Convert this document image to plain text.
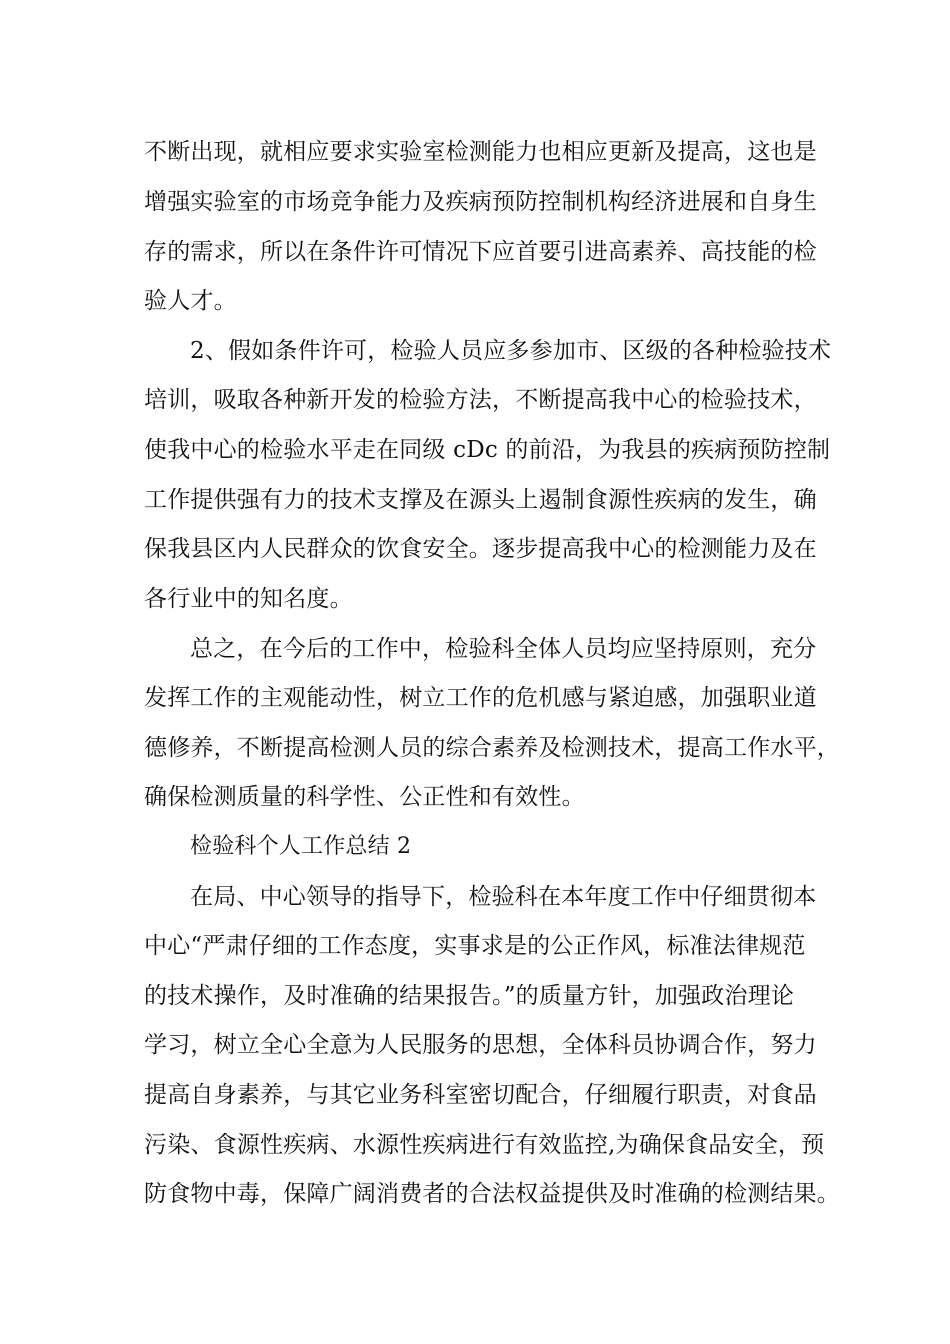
不断出现，就相应要求实验室检测能力也相应更新及提高，这也是
增强实验室的市场竞争能力及疾病预防控制机构经济进展和自身生
存的需求，所以在条件许可情况下应首要引进高素养、高技能的检
验人才。
2、假如条件许可，检验人员应多参加市、区级的各种检验技术
培训，吸取各种新开发的检验方法，不断提高我中心的检验技术，
使我中心的检验水平走在同级 cDc 的前沿，为我县的疾病预防控制
工作提供强有力的技术支撑及在源头上遏制食源性疾病的发生，确
保我县区内人民群众的饮食安全。逐步提高我中心的检测能力及在
各行业中的知名度。
总之，在今后的工作中，检验科全体人员均应坚持原则，充分
发挥工作的主观能动性，树立工作的危机感与紧迫感，加强职业道
德修养，不断提高检测人员的综合素养及检测技术，提高工作水平，
确保检测质量的科学性、公正性和有效性。
检验科个人工作总结 2
在局、中心领导的指导下，检验科在本年度工作中仔细贯彻本
中心“严肃仔细的工作态度，实事求是的公正作风，标准法律规范
的技术操作，及时准确的结果报告。”的质量方针，加强政治理论
学习，树立全心全意为人民服务的思想，全体科员协调合作，努力
提高自身素养，与其它业务科室密切配合，仔细履行职责，对食品
污染、食源性疾病、水源性疾病进行有效监控,为确保食品安全，预
防食物中毒，保障广阔消费者的合法权益提供及时准确的检测结果。
